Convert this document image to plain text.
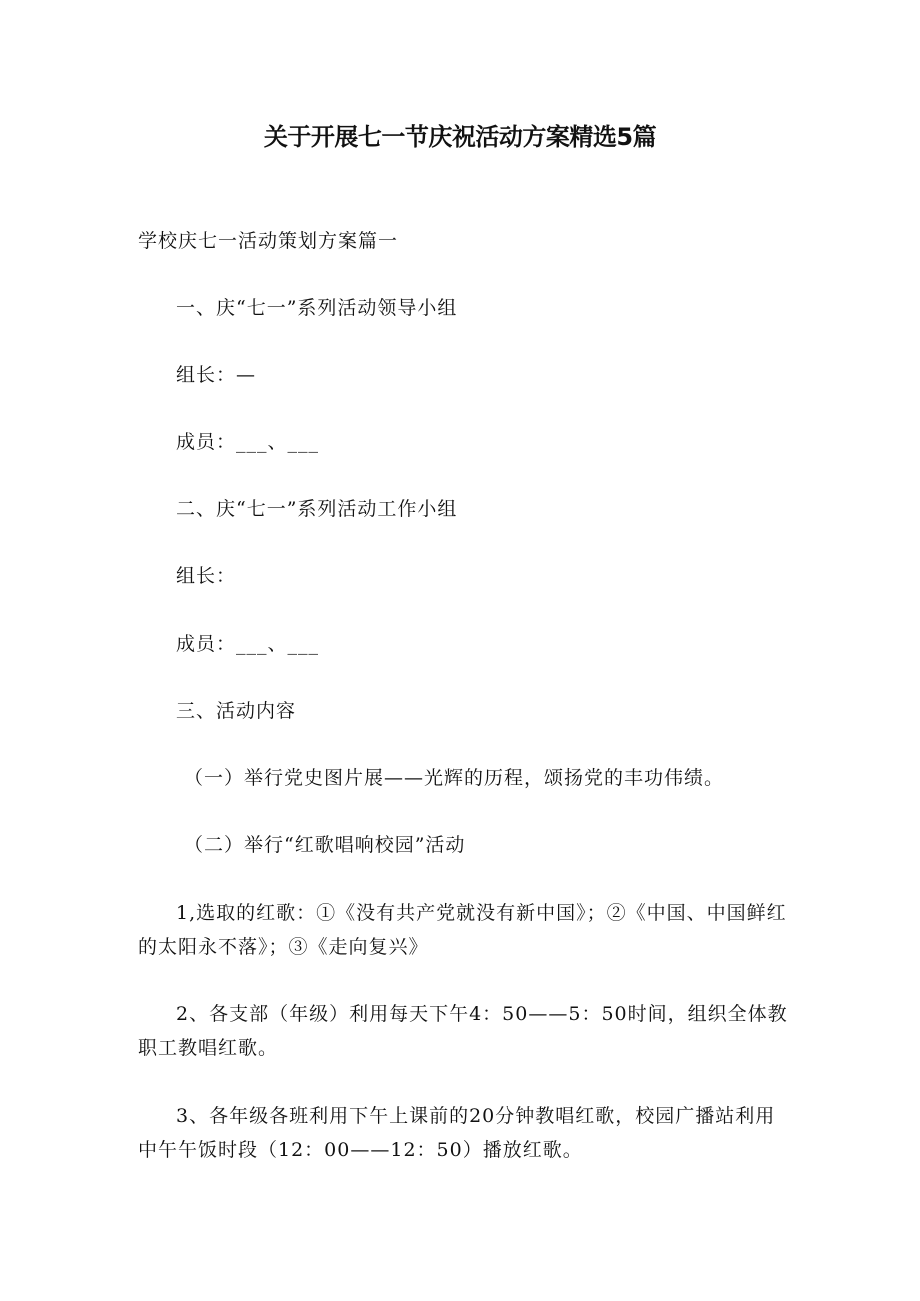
关于开展七一节庆祝活动方案精选5篇
学校庆七一活动策划方案篇一
一、庆“七一”系列活动领导小组
组长：—
成员：___、___
二、庆“七一”系列活动工作小组
组长：
成员：___、___
三、活动内容
（一）举行党史图片展——光辉的历程，颂扬党的丰功伟绩。
（二）举行“红歌唱响校园”活动
1,选取的红歌：①《没有共产党就没有新中国》；②《中国、中国鲜红的太阳永不落》；③《走向复兴》
2、各支部（年级）利用每天下午4：50——5：50时间，组织全体教职工教唱红歌。
3、各年级各班利用下午上课前的20分钟教唱红歌，校园广播站利用中午午饭时段（12：00——12：50）播放红歌。
